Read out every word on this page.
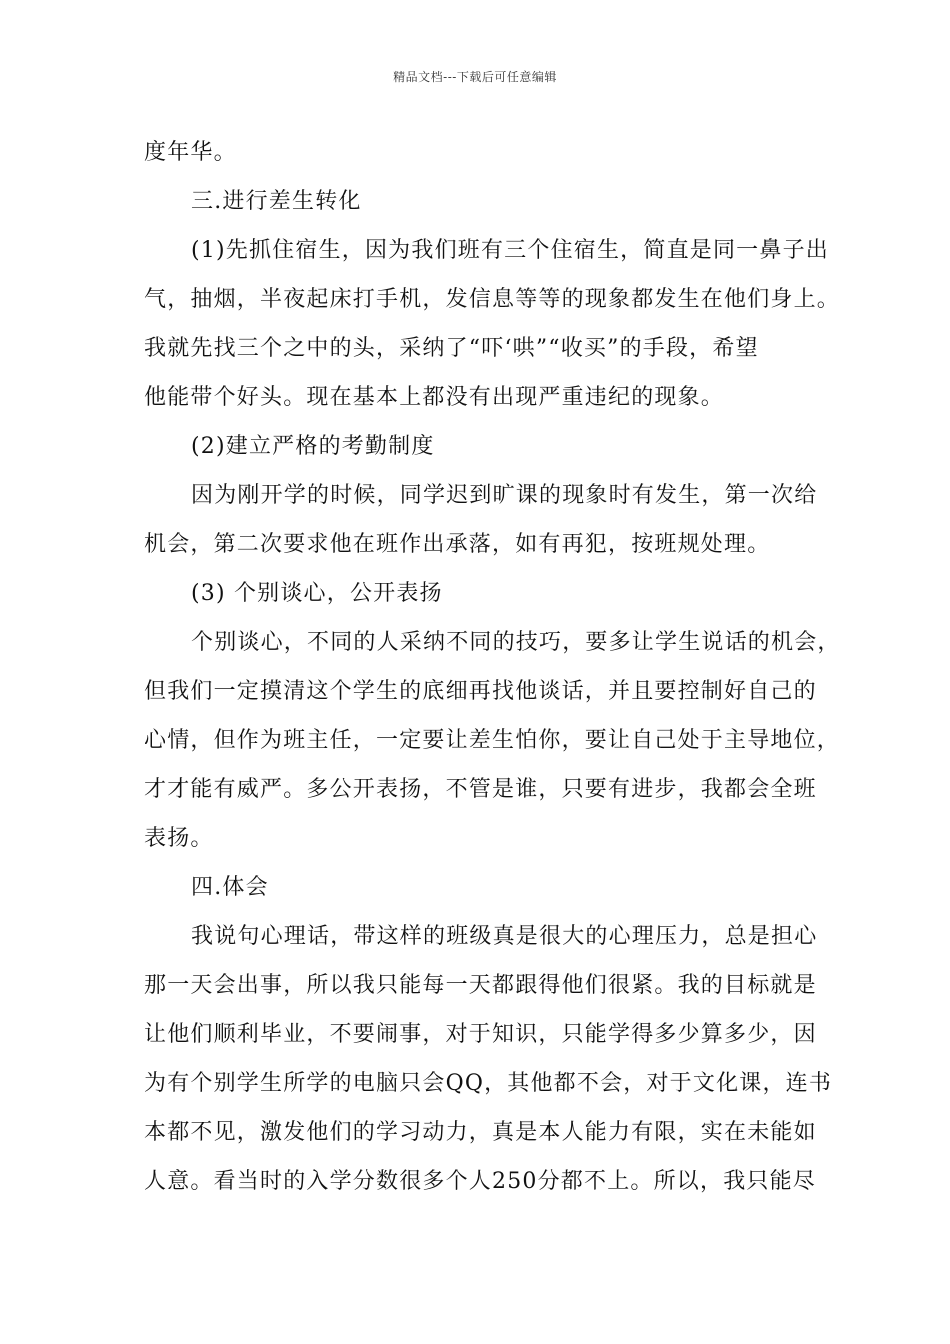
精品文档---下载后可任意编辑
度年华。
三.进行差生转化
(1)先抓住宿生，因为我们班有三个住宿生，简直是同一鼻子出
气，抽烟，半夜起床打手机，发信息等等的现象都发生在他们身上。
我就先找三个之中的头，采纳了“吓‘哄”“收买”的手段，希望
他能带个好头。现在基本上都没有出现严重违纪的现象。
(2)建立严格的考勤制度
因为刚开学的时候，同学迟到旷课的现象时有发生，第一次给
机会，第二次要求他在班作出承落，如有再犯，按班规处理。
(3) 个别谈心，公开表扬
个别谈心，不同的人采纳不同的技巧，要多让学生说话的机会，
但我们一定摸清这个学生的底细再找他谈话，并且要控制好自己的
心情，但作为班主任，一定要让差生怕你，要让自己处于主导地位，
才才能有威严。多公开表扬，不管是谁，只要有进步，我都会全班
表扬。
四.体会
我说句心理话，带这样的班级真是很大的心理压力，总是担心
那一天会出事，所以我只能每一天都跟得他们很紧。我的目标就是
让他们顺利毕业，不要闹事，对于知识，只能学得多少算多少，因
为有个别学生所学的电脑只会QQ，其他都不会，对于文化课，连书
本都不见，激发他们的学习动力，真是本人能力有限，实在未能如
人意。看当时的入学分数很多个人250分都不上。所以，我只能尽
